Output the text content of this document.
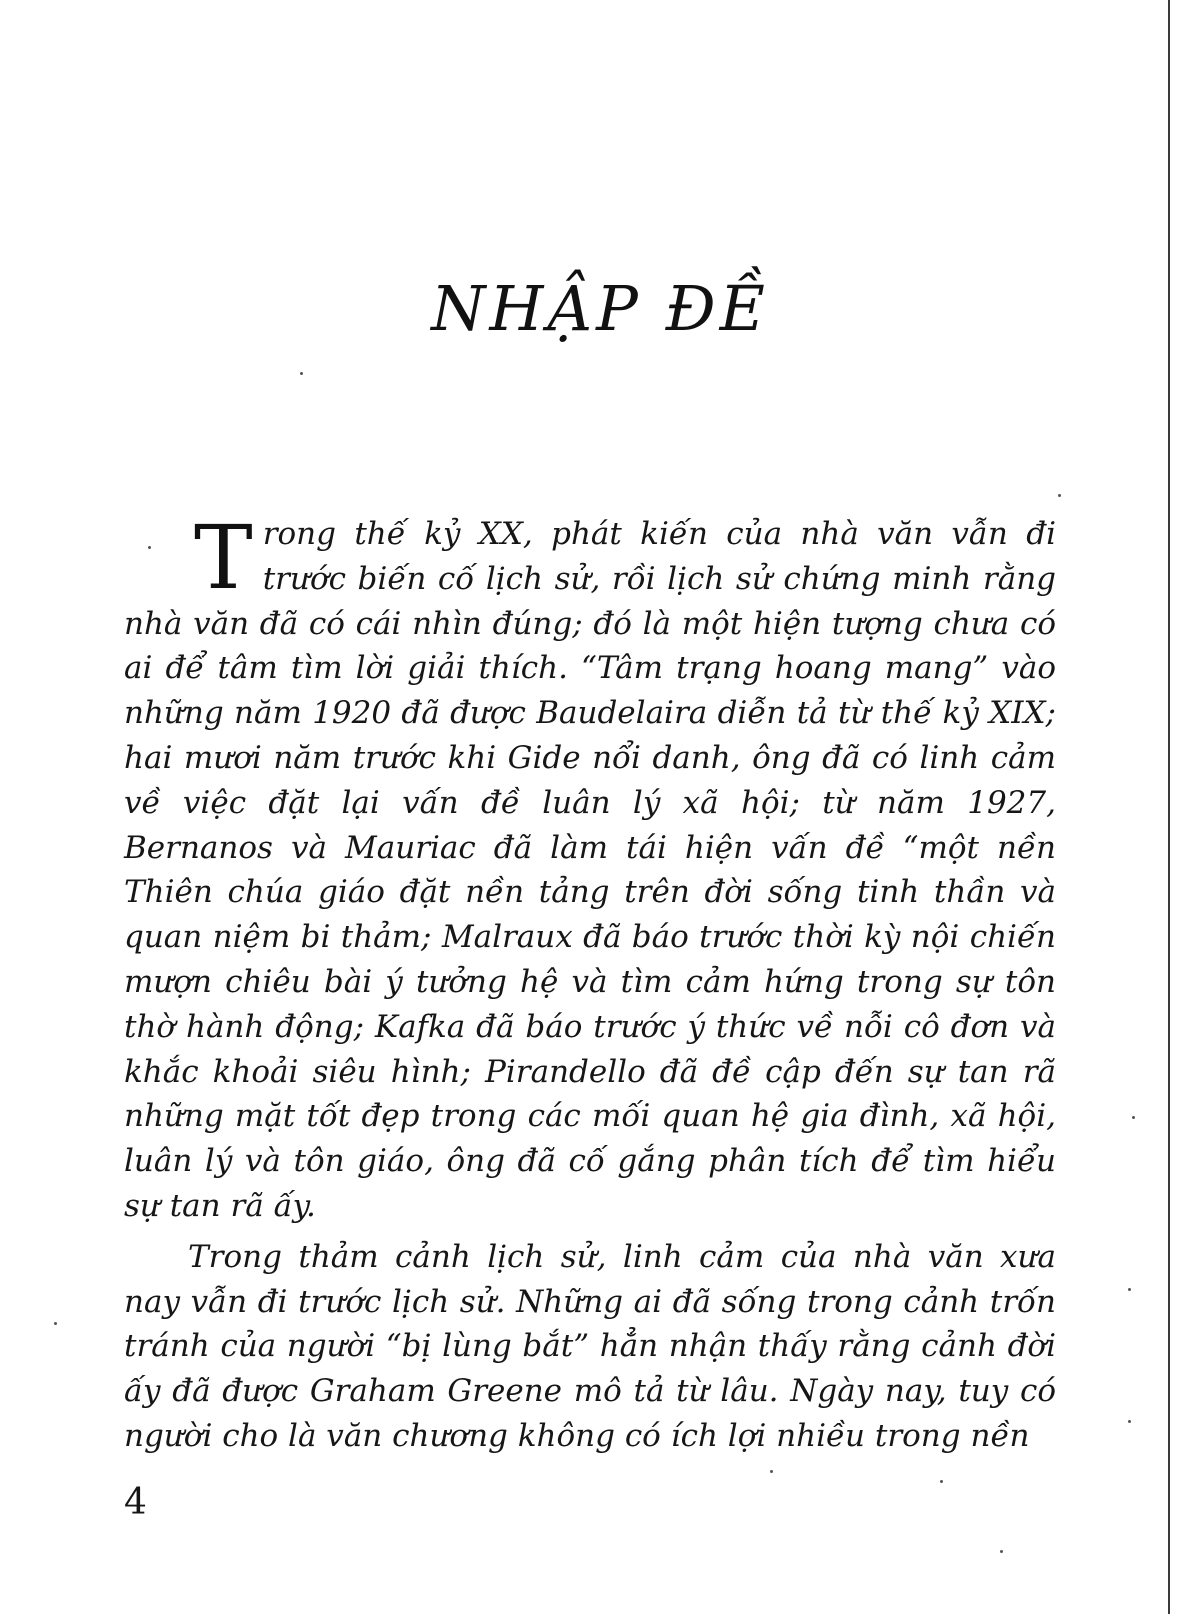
NHẬP ĐỀ

Trong thế kỷ XX, phát kiến của nhà văn vẫn đi trước biến cố lịch sử, rồi lịch sử chứng minh rằng nhà văn đã có cái nhìn đúng; đó là một hiện tượng chưa có ai để tâm tìm lời giải thích. “Tâm trạng hoang mang” vào những năm 1920 đã được Baudelaira diễn tả từ thế kỷ XIX; hai mươi năm trước khi Gide nổi danh, ông đã có linh cảm về việc đặt lại vấn đề luân lý xã hội; từ năm 1927, Bernanos và Mauriac đã làm tái hiện vấn đề “một nền Thiên chúa giáo đặt nền tảng trên đời sống tinh thần và quan niệm bi thảm; Malraux đã báo trước thời kỳ nội chiến mượn chiêu bài ý tưởng hệ và tìm cảm hứng trong sự tôn thờ hành động; Kafka đã báo trước ý thức về nỗi cô đơn và khắc khoải siêu hình; Pirandello đã đề cập đến sự tan rã những mặt tốt đẹp trong các mối quan hệ gia đình, xã hội, luân lý và tôn giáo, ông đã cố gắng phân tích để tìm hiểu sự tan rã ấy.

Trong thảm cảnh lịch sử, linh cảm của nhà văn xưa nay vẫn đi trước lịch sử. Những ai đã sống trong cảnh trốn tránh của người “bị lùng bắt” hẳn nhận thấy rằng cảnh đời ấy đã được Graham Greene mô tả từ lâu. Ngày nay, tuy có người cho là văn chương không có ích lợi nhiều trong nền

4
